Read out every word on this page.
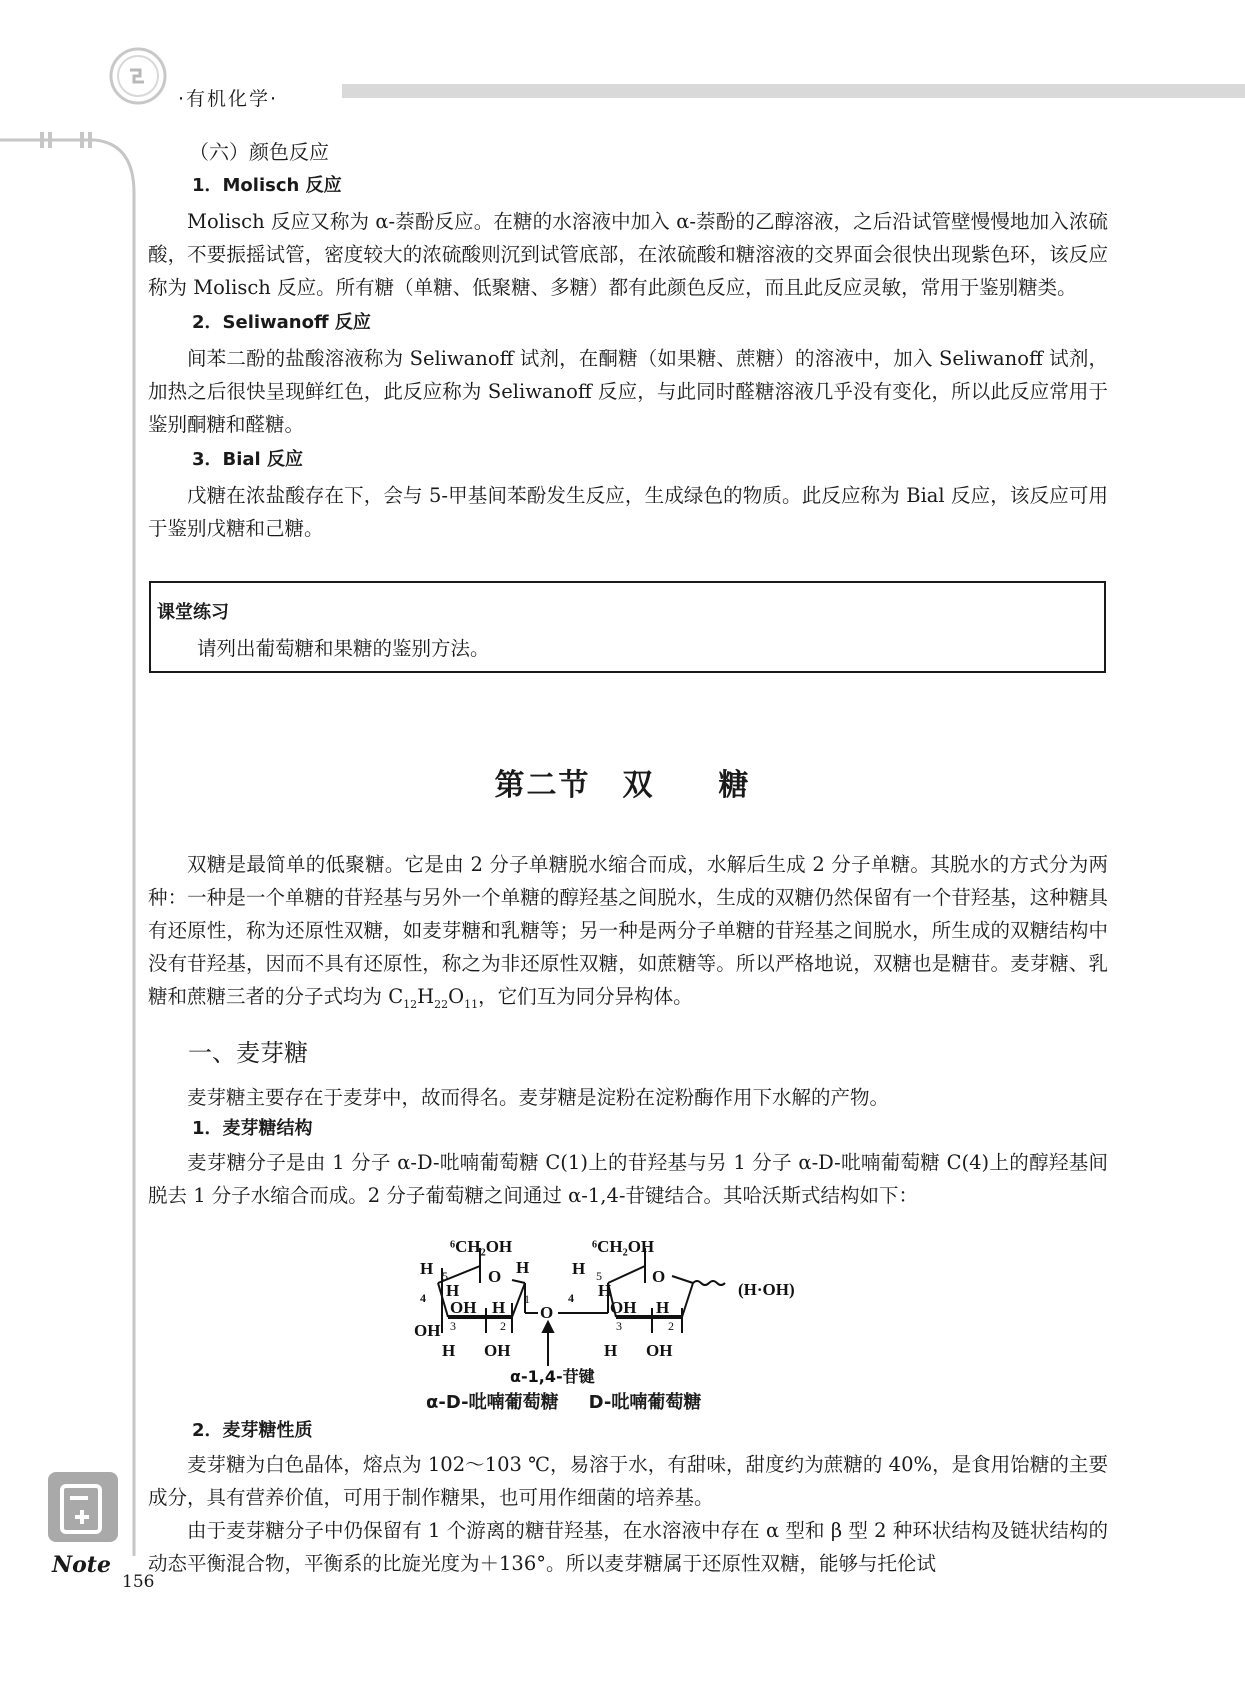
·有机化学·

（六）颜色反应

1．Molisch 反应

Molisch 反应又称为 α-萘酚反应。在糖的水溶液中加入 α-萘酚的乙醇溶液，之后沿试管壁慢慢地加入浓硫酸，不要振摇试管，密度较大的浓硫酸则沉到试管底部，在浓硫酸和糖溶液的交界面会很快出现紫色环，该反应称为 Molisch 反应。所有糖（单糖、低聚糖、多糖）都有此颜色反应，而且此反应灵敏，常用于鉴别糖类。

2．Seliwanoff 反应

间苯二酚的盐酸溶液称为 Seliwanoff 试剂，在酮糖（如果糖、蔗糖）的溶液中，加入 Seliwanoff 试剂，加热之后很快呈现鲜红色，此反应称为 Seliwanoff 反应，与此同时醛糖溶液几乎没有变化，所以此反应常用于鉴别酮糖和醛糖。

3．Bial 反应

戊糖在浓盐酸存在下，会与 5-甲基间苯酚发生反应，生成绿色的物质。此反应称为 Bial 反应，该反应可用于鉴别戊糖和己糖。

课堂练习
请列出葡萄糖和果糖的鉴别方法。
第二节　双　　糖

双糖是最简单的低聚糖。它是由 2 分子单糖脱水缩合而成，水解后生成 2 分子单糖。其脱水的方式分为两种：一种是一个单糖的苷羟基与另外一个单糖的醇羟基之间脱水，生成的双糖仍然保留有一个苷羟基，这种糖具有还原性，称为还原性双糖，如麦芽糖和乳糖等；另一种是两分子单糖的苷羟基之间脱水，所生成的双糖结构中没有苷羟基，因而不具有还原性，称之为非还原性双糖，如蔗糖等。所以严格地说，双糖也是糖苷。麦芽糖、乳糖和蔗糖三者的分子式均为 $C_{12}H_{22}O_{11}$，它们互为同分异构体。

一、麦芽糖

麦芽糖主要存在于麦芽中，故而得名。麦芽糖是淀粉在淀粉酶作用下水解的产物。

1．麦芽糖结构

麦芽糖分子是由 1 分子 α-D-吡喃葡萄糖 C(1)上的苷羟基与另 1 分子 α-D-吡喃葡萄糖 C(4)上的醇羟基间脱去 1 分子水缩合而成。2 分子葡萄糖之间通过 α-1,4-苷键结合。其哈沃斯式结构如下：

⁶CH₂OH
H 5 O H
4 H
OH H 1
OH 3	2
H OH
O
⁶CH₂OH
H 5	O
4 H
OH H
3	2
H OH
(H·OH)
α-1,4-苷键
α-D-吡喃葡萄糖 D-吡喃葡萄糖

2．麦芽糖性质

麦芽糖为白色晶体，熔点为 102～103 ℃，易溶于水，有甜味，甜度约为蔗糖的 40%，是食用饴糖的主要成分，具有营养价值，可用于制作糖果，也可用作细菌的培养基。

由于麦芽糖分子中仍保留有 1 个游离的糖苷羟基，在水溶液中存在 α 型和 β 型 2 种环状结构及链状结构的动态平衡混合物，平衡系的比旋光度为＋136°。所以麦芽糖属于还原性双糖，能够与托伦试

Note
156
